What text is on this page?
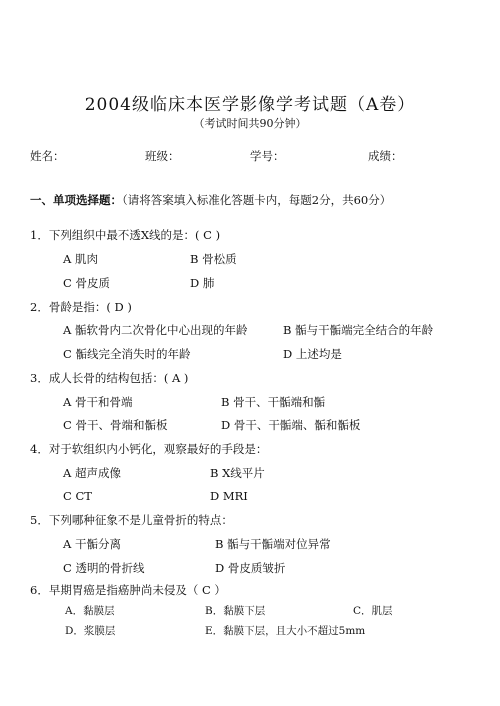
2004级临床本医学影像学考试题（A卷）
（考试时间共90分钟）
姓名：	班级：	学号：	成绩：
一、单项选择题：（请将答案填入标准化答题卡内，每题2分，共60分）
1．下列组织中最不透X线的是：( C )
A 肌肉	B 骨松质
C 骨皮质	D 肺
2．骨龄是指：( D )
A 骺软骨内二次骨化中心出现的年龄	B 骺与干骺端完全结合的年龄
C 骺线完全消失时的年龄	D 上述均是
3．成人长骨的结构包括：( A )
A 骨干和骨端	B 骨干、干骺端和骺
C 骨干、骨端和骺板	D 骨干、干骺端、骺和骺板
4．对于软组织内小钙化，观察最好的手段是：
A 超声成像	B X线平片
C CT	D MRI
5．下列哪种征象不是儿童骨折的特点：
A 干骺分离	B 骺与干骺端对位异常
C 透明的骨折线	D 骨皮质皱折
6．早期胃癌是指癌肿尚未侵及（ C ）
A．黏膜层	B．黏膜下层	C．肌层
D．浆膜层	E．黏膜下层，且大小不超过5mm
